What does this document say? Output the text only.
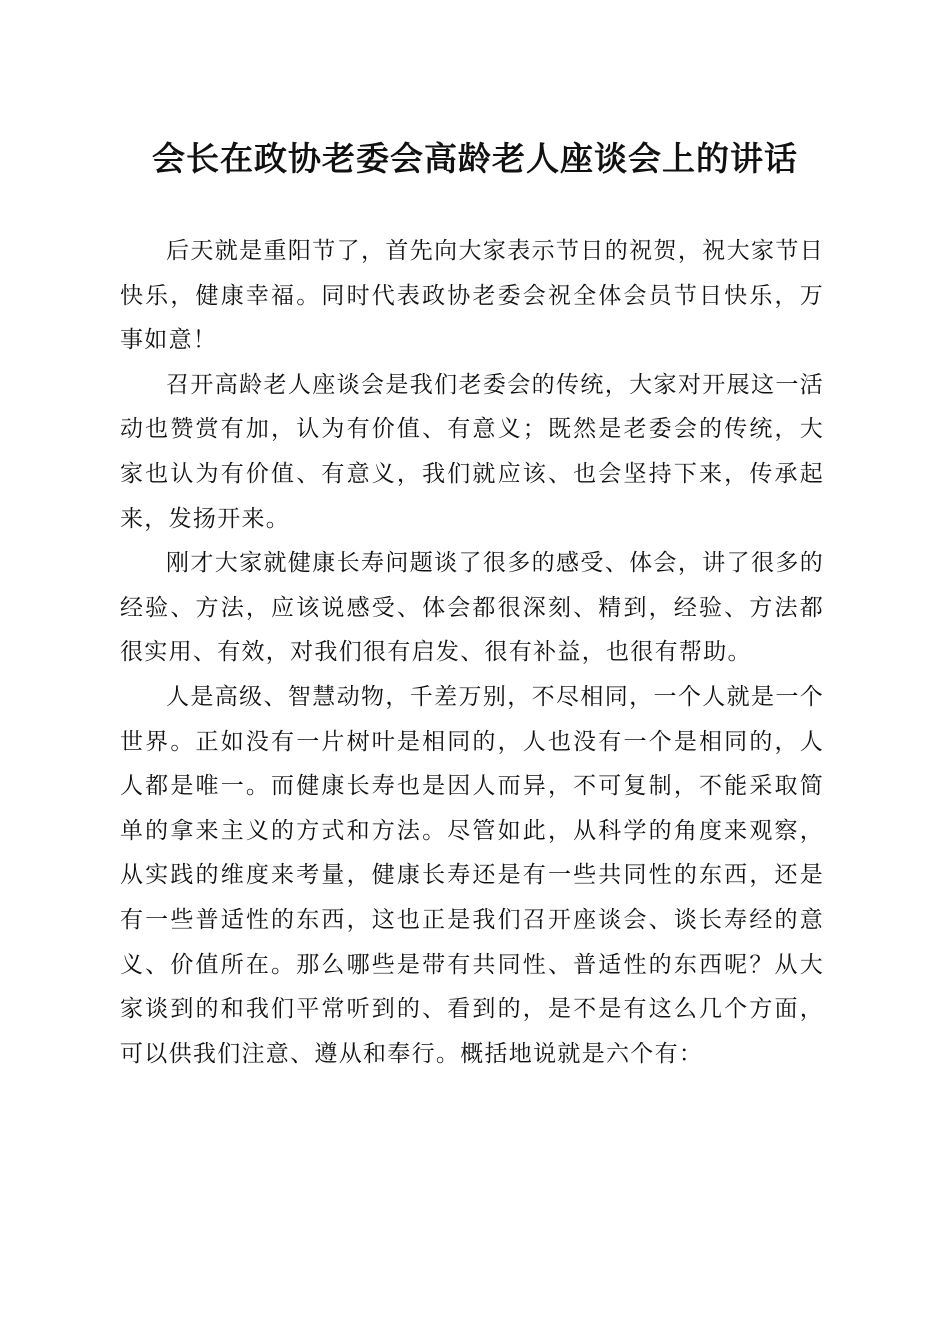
会长在政协老委会高龄老人座谈会上的讲话

后天就是重阳节了，首先向大家表示节日的祝贺，祝大家节日快乐，健康幸福。同时代表政协老委会祝全体会员节日快乐，万事如意！

召开高龄老人座谈会是我们老委会的传统，大家对开展这一活动也赞赏有加，认为有价值、有意义；既然是老委会的传统，大家也认为有价值、有意义，我们就应该、也会坚持下来，传承起来，发扬开来。

刚才大家就健康长寿问题谈了很多的感受、体会，讲了很多的经验、方法，应该说感受、体会都很深刻、精到，经验、方法都很实用、有效，对我们很有启发、很有补益，也很有帮助。

人是高级、智慧动物，千差万别，不尽相同，一个人就是一个世界。正如没有一片树叶是相同的，人也没有一个是相同的，人人都是唯一。而健康长寿也是因人而异，不可复制，不能采取简单的拿来主义的方式和方法。尽管如此，从科学的角度来观察，从实践的维度来考量，健康长寿还是有一些共同性的东西，还是有一些普适性的东西，这也正是我们召开座谈会、谈长寿经的意义、价值所在。那么哪些是带有共同性、普适性的东西呢？从大家谈到的和我们平常听到的、看到的，是不是有这么几个方面，可以供我们注意、遵从和奉行。概括地说就是六个有：
